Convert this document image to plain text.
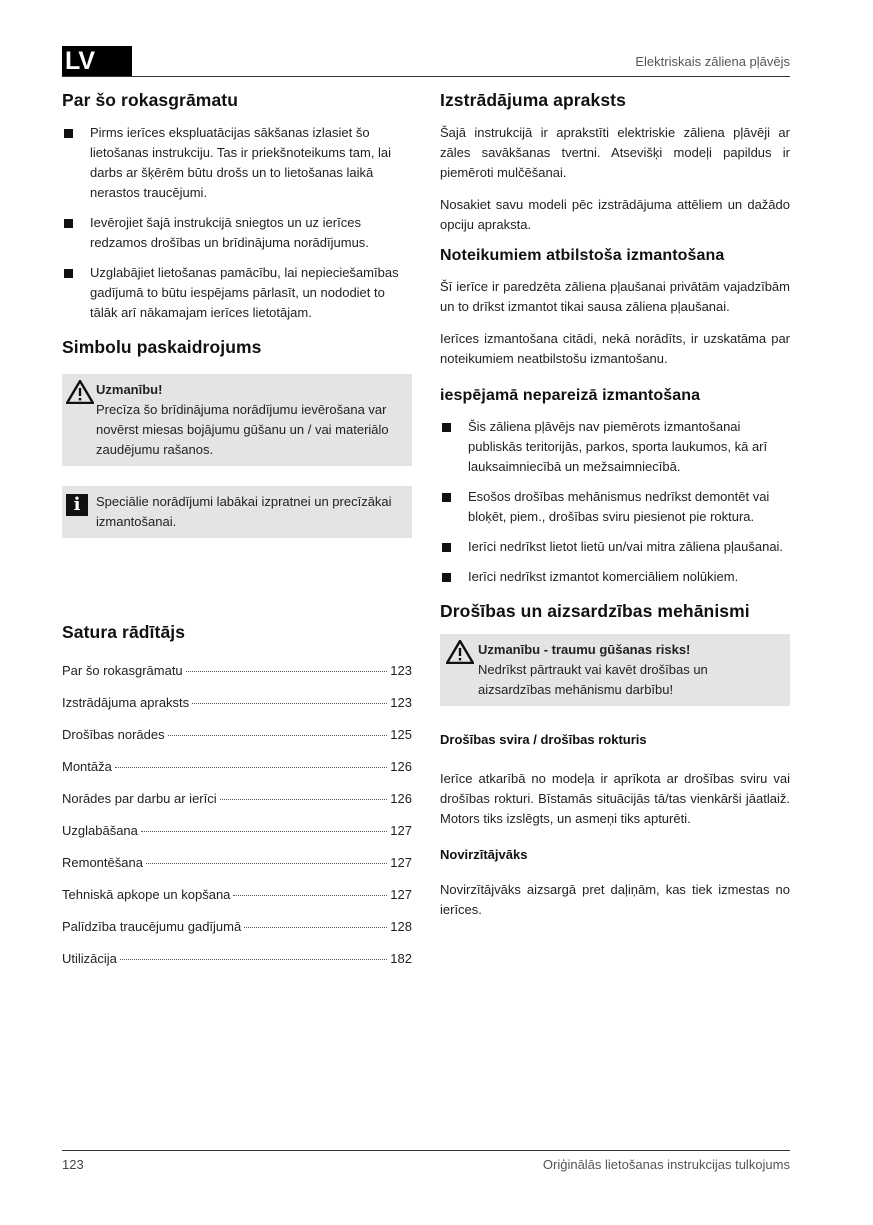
LV	Elektriskais zāliena pļāvējs
Par šo rokasgrāmatu
Pirms ierīces ekspluatācijas sākšanas izlasiet šo lietošanas instrukciju. Tas ir priekšnoteikums tam, lai darbs ar šķērēm būtu drošs un to lietošanas laikā nerastos traucējumi.
Ievērojiet šajā instrukcijā sniegtos un uz ierīces redzamos drošības un brīdinājuma norādījumus.
Uzglabājiet lietošanas pamācību, lai nepieciešamības gadījumā to būtu iespējams pārlasīt, un nododiet to tālāk arī nākamajam ierīces lietotājam.
Simbolu paskaidrojums
Uzmanību!
Precīza šo brīdinājuma norādījumu ievērošana var novērst miesas bojājumu gūšanu un / vai materiālo zaudējumu rašanos.
i	Speciālie norādījumi labākai izpratnei un precīzākai izmantošanai.
Satura rādītājs
Par šo rokasgrāmatu	123
Izstrādājuma apraksts	123
Drošības norādes	125
Montāža	126
Norādes par darbu ar ierīci	126
Uzglabāšana	127
Remontēšana	127
Tehniskā apkope un kopšana	127
Palīdzība traucējumu gadījumā	128
Utilizācija	182
Izstrādājuma apraksts

Šajā instrukcijā ir aprakstīti elektriskie zāliena pļāvēji ar zāles savākšanas tvertni. Atsevišķi modeļi papildus ir piemēroti mulčēšanai.

Nosakiet savu modeli pēc izstrādājuma attēliem un dažādo opciju apraksta.

Noteikumiem atbilstoša izmantošana

Šī ierīce ir paredzēta zāliena pļaušanai privātām vajadzībām un to drīkst izmantot tikai sausa zāliena pļaušanai.

Ierīces izmantošana citādi, nekā norādīts, ir uzskatāma par noteikumiem neatbilstošu izmantošanu.

iespējamā nepareizā izmantošana
Šis zāliena pļāvējs nav piemērots izmantošanai publiskās teritorijās, parkos, sporta laukumos, kā arī lauksaimniecībā un mežsaimniecībā.
Esošos drošības mehānismus nedrīkst demontēt vai bloķēt, piem., drošības sviru piesienot pie roktura.
Ierīci nedrīkst lietot lietū un/vai mitra zāliena pļaušanai.
Ierīci nedrīkst izmantot komerciāliem nolūkiem.
Drošības un aizsardzības mehānismi
Uzmanību - traumu gūšanas risks!
Nedrīkst pārtraukt vai kavēt drošības un aizsardzības mehānismu darbību!
Drošības svira / drošības rokturis

Ierīce atkarībā no modeļa ir aprīkota ar drošības sviru vai drošības rokturi. Bīstamās situācijās tā/tas vienkārši jāatlaiž. Motors tiks izslēgts, un asmeņi tiks apturēti.

Novirzītājvāks

Novirzītājvāks aizsargā pret daļiņām, kas tiek izmestas no ierīces.

123	Oriģinālās lietošanas instrukcijas tulkojums
